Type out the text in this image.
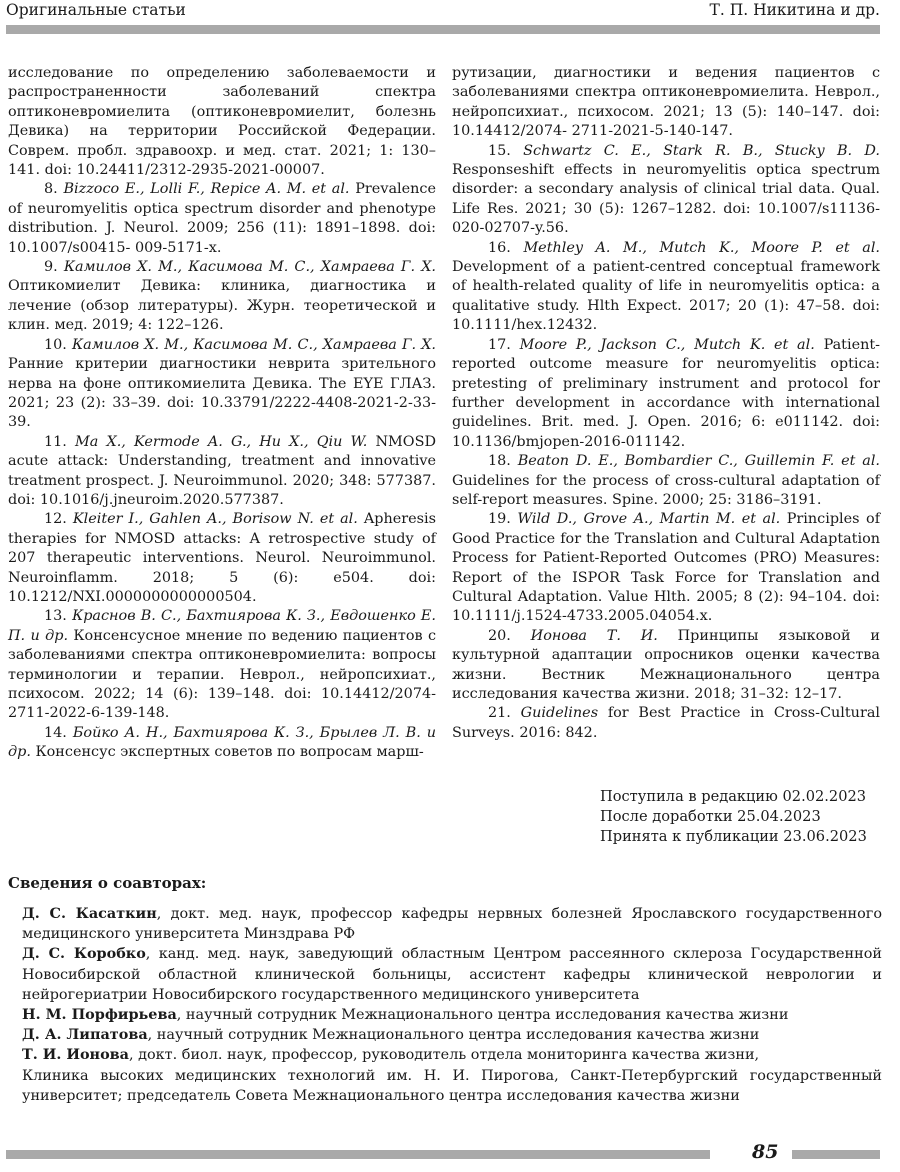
Оригинальные статьи	Т. П. Никитина и др.

исследование по определению заболеваемости и распространенности заболеваний спектра оптиконевромиелита (оптиконевромиелит, болезнь Девика) на территории Российской Федерации. Соврем. пробл. здравоохр. и мед. стат. 2021; 1: 130–141. doi: 10.24411/2312-2935-2021-00007.

8. Bizzoco E., Lolli F., Repice A. M. et al. Prevalence of neuromyelitis optica spectrum disorder and phenotype distribution. J. Neurol. 2009; 256 (11): 1891–1898. doi: 10.1007/s00415- 009-5171-x.

9. Камилов Х. М., Касимова М. С., Хамраева Г. Х. Оптикомиелит Девика: клиника, диагностика и лечение (обзор литературы). Журн. теоретической и клин. мед. 2019; 4: 122–126.

10. Камилов Х. М., Касимова М. С., Хамраева Г. Х. Ранние критерии диагностики неврита зрительного нерва на фоне оптикомиелита Девика. The EYE ГЛАЗ. 2021; 23 (2): 33–39. doi: 10.33791/2222-4408-2021-2-33-39.

11. Ma X., Kermode A. G., Hu X., Qiu W. NMOSD acute attack: Understanding, treatment and innovative treatment prospect. J. Neuroimmunol. 2020; 348: 577387. doi: 10.1016/j.jneuroim.2020.577387.

12. Kleiter I., Gahlen A., Borisow N. et al. Apheresis therapies for NMOSD attacks: A retrospective study of 207 therapeutic interventions. Neurol. Neuroimmunol. Neuroinflamm. 2018; 5 (6): e504. doi: 10.1212/NXI.0000000000000504.

13. Краснов В. С., Бахтиярова К. З., Евдошенко Е. П. и др. Консенсусное мнение по ведению пациентов с заболеваниями спектра оптиконевромиелита: вопросы терминологии и терапии. Неврол., нейропсихиат., психосом. 2022; 14 (6): 139–148. doi: 10.14412/2074-2711-2022-6-139-148.

14. Бойко А. Н., Бахтиярова К. З., Брылев Л. В. и др. Консенсус экспертных советов по вопросам марш-

рутизации, диагностики и ведения пациентов с заболеваниями спектра оптиконевромиелита. Неврол., нейропсихиат., психосом. 2021; 13 (5): 140–147. doi: 10.14412/2074- 2711-2021-5-140-147.

15. Schwartz C. E., Stark R. B., Stucky B. D. Responseshift effects in neuromyelitis optica spectrum disorder: a secondary analysis of clinical trial data. Qual. Life Res. 2021; 30 (5): 1267–1282. doi: 10.1007/s11136-020-02707-y.56.

16. Methley A. M., Mutch K., Moore P. et al. Development of a patient-centred conceptual framework of health-related quality of life in neuromyelitis optica: a qualitative study. Hlth Expect. 2017; 20 (1): 47–58. doi: 10.1111/hex.12432.

17. Moore P., Jackson C., Mutch K. et al. Patient-reported outcome measure for neuromyelitis optica: pretesting of preliminary instrument and protocol for further development in accordance with international guidelines. Brit. med. J. Open. 2016; 6: e011142. doi: 10.1136/bmjopen-2016-011142.

18. Beaton D. E., Bombardier C., Guillemin F. et al. Guidelines for the process of cross-cultural adaptation of self-report measures. Spine. 2000; 25: 3186–3191.

19. Wild D., Grove A., Martin M. et al. Principles of Good Practice for the Translation and Cultural Adaptation Process for Patient-Reported Outcomes (PRO) Measures: Report of the ISPOR Task Force for Translation and Cultural Adaptation. Value Hlth. 2005; 8 (2): 94–104. doi: 10.1111/j.1524-4733.2005.04054.x.

20. Ионова Т. И. Принципы языковой и культурной адаптации опросников оценки качества жизни. Вестник Межнационального центра исследования качества жизни. 2018; 31–32: 12–17.

21. Guidelines for Best Practice in Cross-Cultural Surveys. 2016: 842.

Поступила в редакцию 02.02.2023
После доработки 25.04.2023
Принята к публикации 23.06.2023
Сведения о соавторах:

Д. С. Касаткин, докт. мед. наук, профессор кафедры нервных болезней Ярославского государственного медицинского университета Минздрава РФ

Д. С. Коробко, канд. мед. наук, заведующий областным Центром рассеянного склероза Государственной Новосибирской областной клинической больницы, ассистент кафедры клинической неврологии и нейрогериатрии Новосибирского государственного медицинского университета

Н. М. Порфирьева, научный сотрудник Межнационального центра исследования качества жизни

Д. А. Липатова, научный сотрудник Межнационального центра исследования качества жизни

Т. И. Ионова, докт. биол. наук, профессор, руководитель отдела мониторинга качества жизни,

Клиника высоких медицинских технологий им. Н. И. Пирогова, Санкт-Петербургский государственный университет; председатель Совета Межнационального центра исследования качества жизни

85
